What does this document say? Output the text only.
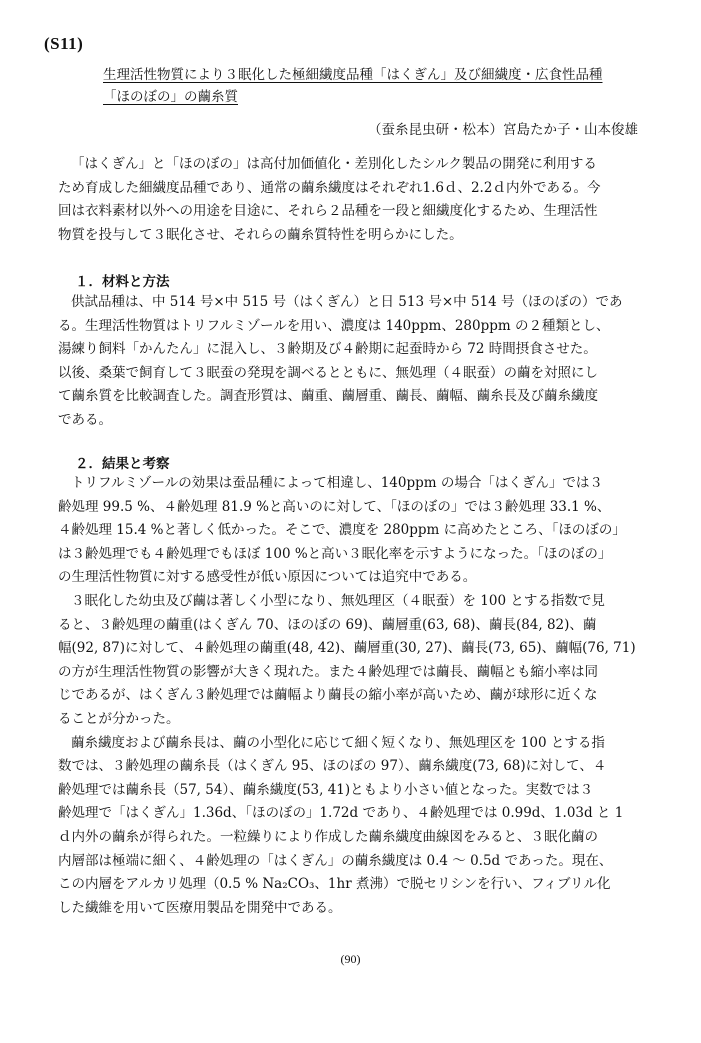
(S11)
生理活性物質により３眠化した極細繊度品種「はくぎん」及び細繊度・広食性品種
「ほのぼの」の繭糸質
（蚕糸昆虫研・松本）宮島たか子・山本俊雄
「はくぎん」と「ほのぼの」は高付加価値化・差別化したシルク製品の開発に利用する
ため育成した細繊度品種であり、通常の繭糸繊度はそれぞれ1.6ｄ、2.2ｄ内外である。今
回は衣料素材以外への用途を目途に、それら２品種を一段と細繊度化するため、生理活性
物質を投与して３眠化させ、それらの繭糸質特性を明らかにした。
１．材料と方法
供試品種は、中 514 号×中 515 号（はくぎん）と日 513 号×中 514 号（ほのぼの）であ
る。生理活性物質はトリフルミゾールを用い、濃度は 140ppm、280ppm の２種類とし、
湯練り飼料「かんたん」に混入し、３齢期及び４齢期に起蚕時から 72 時間摂食させた。
以後、桑葉で飼育して３眠蚕の発現を調べるとともに、無処理（４眠蚕）の繭を対照にし
て繭糸質を比較調査した。調査形質は、繭重、繭層重、繭長、繭幅、繭糸長及び繭糸繊度
である。
２．結果と考察
トリフルミゾールの効果は蚕品種によって相違し、140ppm の場合「はくぎん」では３
齢処理 99.5 %、４齢処理 81.9 %と高いのに対して、「ほのぼの」では３齢処理 33.1 %、
４齢処理 15.4 %と著しく低かった。そこで、濃度を 280ppm に高めたところ、「ほのぼの」
は３齢処理でも４齢処理でもほぼ 100 %と高い３眠化率を示すようになった。「ほのぼの」
の生理活性物質に対する感受性が低い原因については追究中である。
３眠化した幼虫及び繭は著しく小型になり、無処理区（４眠蚕）を 100 とする指数で見
ると、３齢処理の繭重(はくぎん 70、ほのぼの 69)、繭層重(63, 68)、繭長(84, 82)、繭
幅(92, 87)に対して、４齢処理の繭重(48, 42)、繭層重(30, 27)、繭長(73, 65)、繭幅(76, 71)
の方が生理活性物質の影響が大きく現れた。また４齢処理では繭長、繭幅とも縮小率は同
じであるが、はくぎん３齢処理では繭幅より繭長の縮小率が高いため、繭が球形に近くな
ることが分かった。
繭糸繊度および繭糸長は、繭の小型化に応じて細く短くなり、無処理区を 100 とする指
数では、３齢処理の繭糸長（はくぎん 95、ほのぼの 97）、繭糸繊度(73, 68)に対して、４
齢処理では繭糸長（57, 54）、繭糸繊度(53, 41)ともより小さい値となった。実数では３
齢処理で「はくぎん」1.36d、「ほのぼの」1.72d であり、４齢処理では 0.99d、1.03d と 1
ｄ内外の繭糸が得られた。一粒繰りにより作成した繭糸繊度曲線図をみると、３眠化繭の
内層部は極端に細く、４齢処理の「はくぎん」の繭糸繊度は 0.4 ～ 0.5d であった。現在、
この内層をアルカリ処理（0.5 % Na₂CO₃、1hr 煮沸）で脱セリシンを行い、フィブリル化
した繊維を用いて医療用製品を開発中である。
(90)
